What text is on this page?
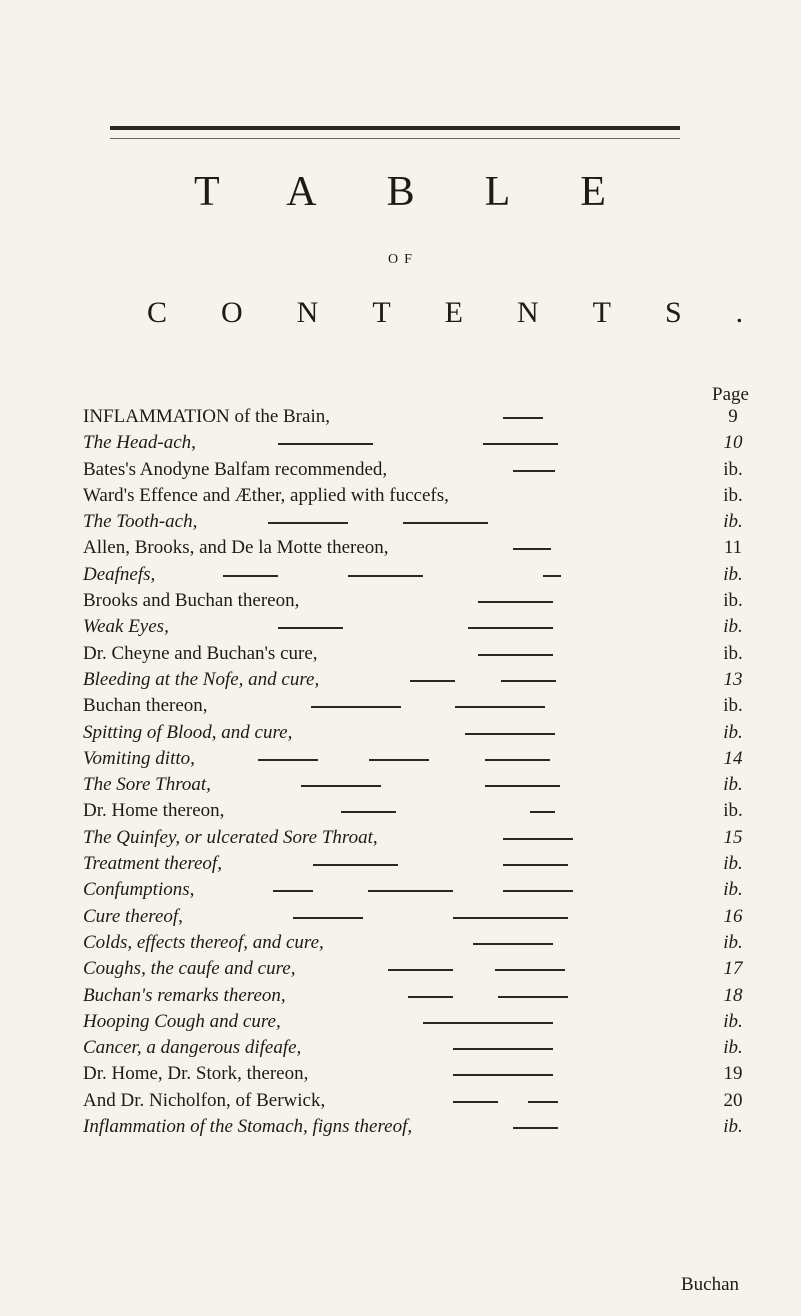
TABLE
OF
CONTENTS.
Page
INFLAMMATION of the Brain,	9
The Head-ach,	10
Bates's Anodyne Balfam recommended,	ib.
Ward's Effence and Æther, applied with fuccefs,	ib.
The Tooth-ach,	ib.
Allen, Brooks, and De la Motte thereon,	11
Deafnefs,	ib.
Brooks and Buchan thereon,	ib.
Weak Eyes,	ib.
Dr. Cheyne and Buchan's cure,	ib.
Bleeding at the Nofe, and cure,	13
Buchan thereon,	ib.
Spitting of Blood, and cure,	ib.
Vomiting ditto,	14
The Sore Throat,	ib.
Dr. Home thereon,	ib.
The Quinfey, or ulcerated Sore Throat,	15
Treatment thereof,	ib.
Confumptions,	ib.
Cure thereof,	16
Colds, effects thereof, and cure,	ib.
Coughs, the caufe and cure,	17
Buchan's remarks thereon,	18
Hooping Cough and cure,	ib.
Cancer, a dangerous difeafe,	ib.
Dr. Home, Dr. Stork, thereon,	19
And Dr. Nicholfon, of Berwick,	20
Inflammation of the Stomach, figns thereof,	ib.
Buchan
